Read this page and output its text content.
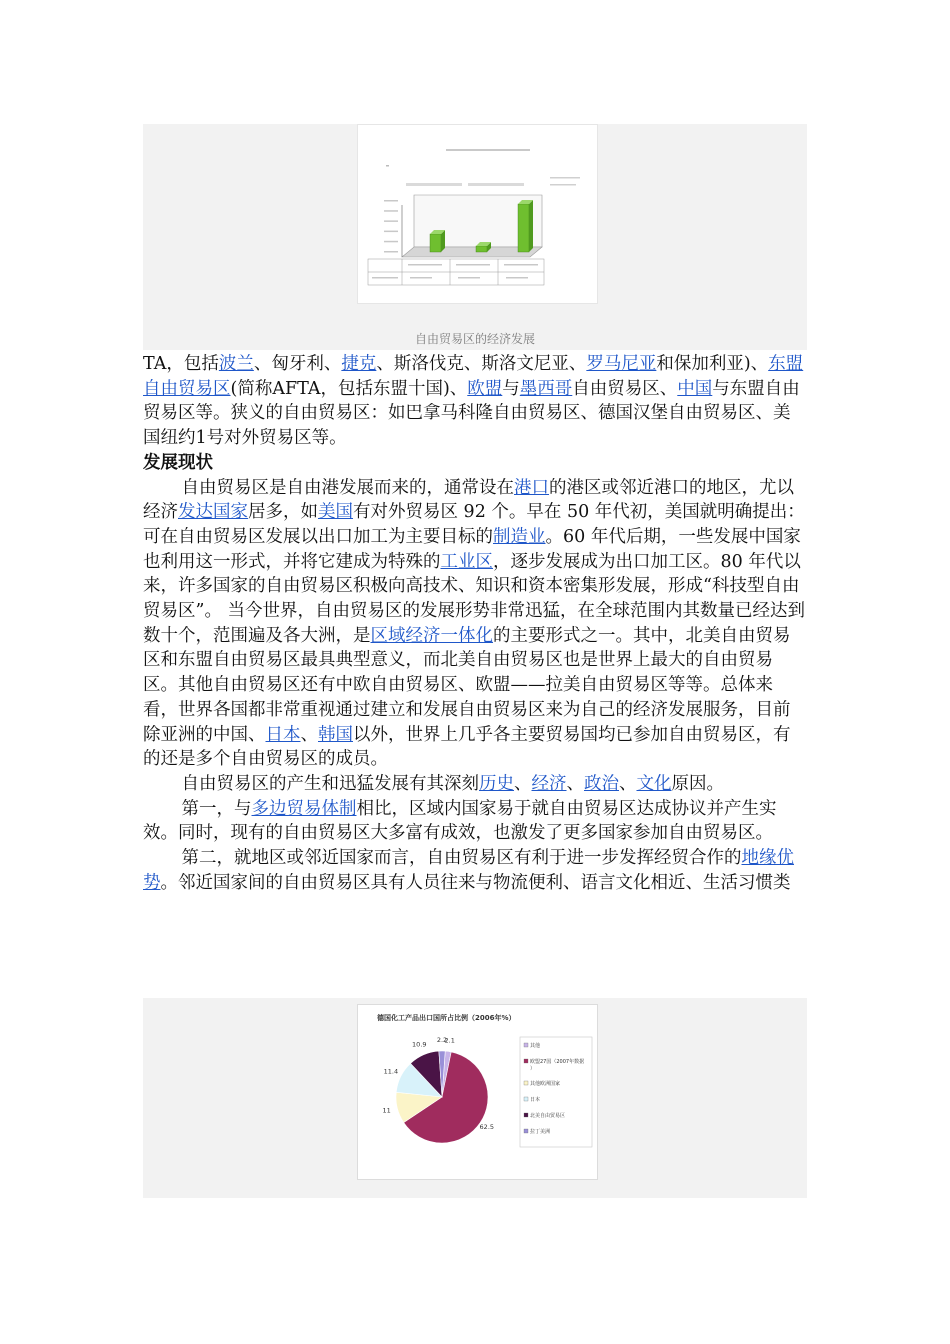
自由贸易区的经济发展

TA，包括波兰、匈牙利、捷克、斯洛伐克、斯洛文尼亚、罗马尼亚和保加利亚)、东盟自由贸易区(简称AFTA，包括东盟十国)、欧盟与墨西哥自由贸易区、中国与东盟自由贸易区等。狭义的自由贸易区：如巴拿马科隆自由贸易区、德国汉堡自由贸易区、美国纽约1号对外贸易区等。

发展现状

自由贸易区是自由港发展而来的，通常设在港口的港区或邻近港口的地区，尤以经济发达国家居多，如美国有对外贸易区 92 个。早在 50 年代初，美国就明确提出：可在自由贸易区发展以出口加工为主要目标的制造业。60 年代后期，一些发展中国家也利用这一形式，并将它建成为特殊的工业区，逐步发展成为出口加工区。80 年代以来，许多国家的自由贸易区积极向高技术、知识和资本密集形发展，形成“科技型自由贸易区”。 当今世界，自由贸易区的发展形势非常迅猛，在全球范围内其数量已经达到数十个，范围遍及各大洲，是区域经济一体化的主要形式之一。其中，北美自由贸易区和东盟自由贸易区最具典型意义，而北美自由贸易区也是世界上最大的自由贸易区。其他自由贸易区还有中欧自由贸易区、欧盟——拉美自由贸易区等等。总体来看，世界各国都非常重视通过建立和发展自由贸易区来为自己的经济发展服务，目前除亚洲的中国、日本、韩国以外，世界上几乎各主要贸易国均已参加自由贸易区，有的还是多个自由贸易区的成员。

自由贸易区的产生和迅猛发展有其深刻历史、经济、政治、文化原因。

第一，与多边贸易体制相比，区域内国家易于就自由贸易区达成协议并产生实效。同时，现有的自由贸易区大多富有成效，也激发了更多国家参加自由贸易区。

第二，就地区或邻近国家而言，自由贸易区有利于进一步发挥经贸合作的地缘优势。邻近国家间的自由贸易区具有人员往来与物流便利、语言文化相近、生活习惯类

德国化工产品出口国所占比例（2006年%）
2.1
62.5
11
11.4
10.9
2.2
其他
欧盟27国（2007年数据
）
其他欧洲国家
日本
北美自由贸易区
拉丁美洲
